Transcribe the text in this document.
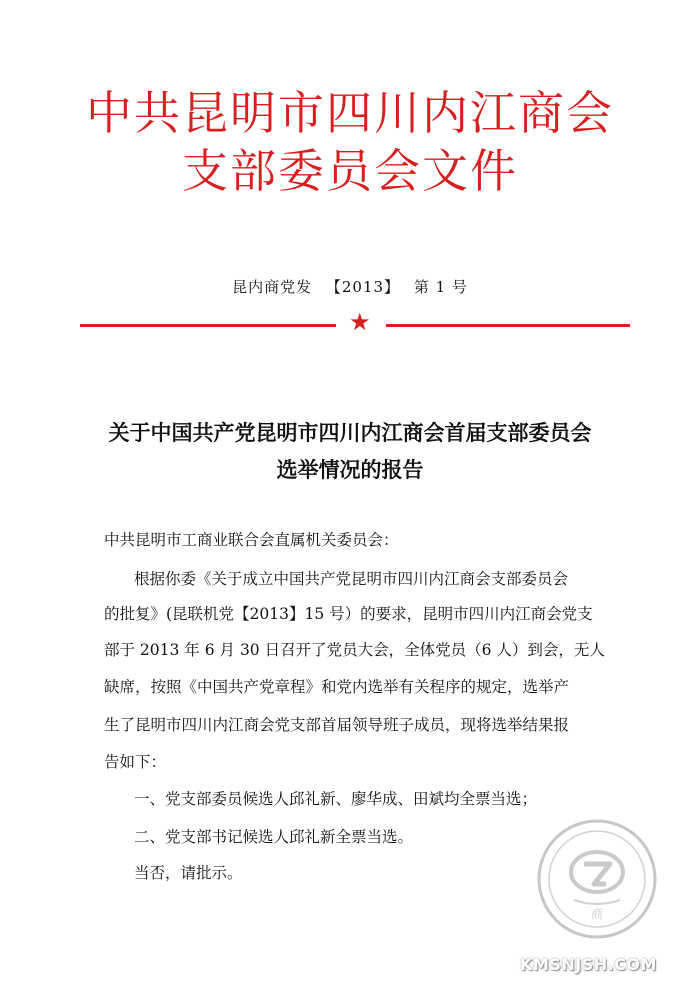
中共昆明市四川内江商会
支部委员会文件
昆内商党发 【2013】 第 1 号
★
关于中国共产党昆明市四川内江商会首届支部委员会
选举情况的报告
中共昆明市工商业联合会直属机关委员会：
根据你委《关于成立中国共产党昆明市四川内江商会支部委员会
的批复》(昆联机党【2013】15 号）的要求，昆明市四川内江商会党支
部于 2013 年 6 月 30 日召开了党员大会，全体党员（6 人）到会，无人
缺席，按照《中国共产党章程》和党内选举有关程序的规定，选举产
生了昆明市四川内江商会党支部首届领导班子成员，现将选举结果报
告如下：
一、党支部委员候选人邱礼新、廖华成、田斌均全票当选；
二、党支部书记候选人邱礼新全票当选。
当否，请批示。
商
KMSNJSH.COM
